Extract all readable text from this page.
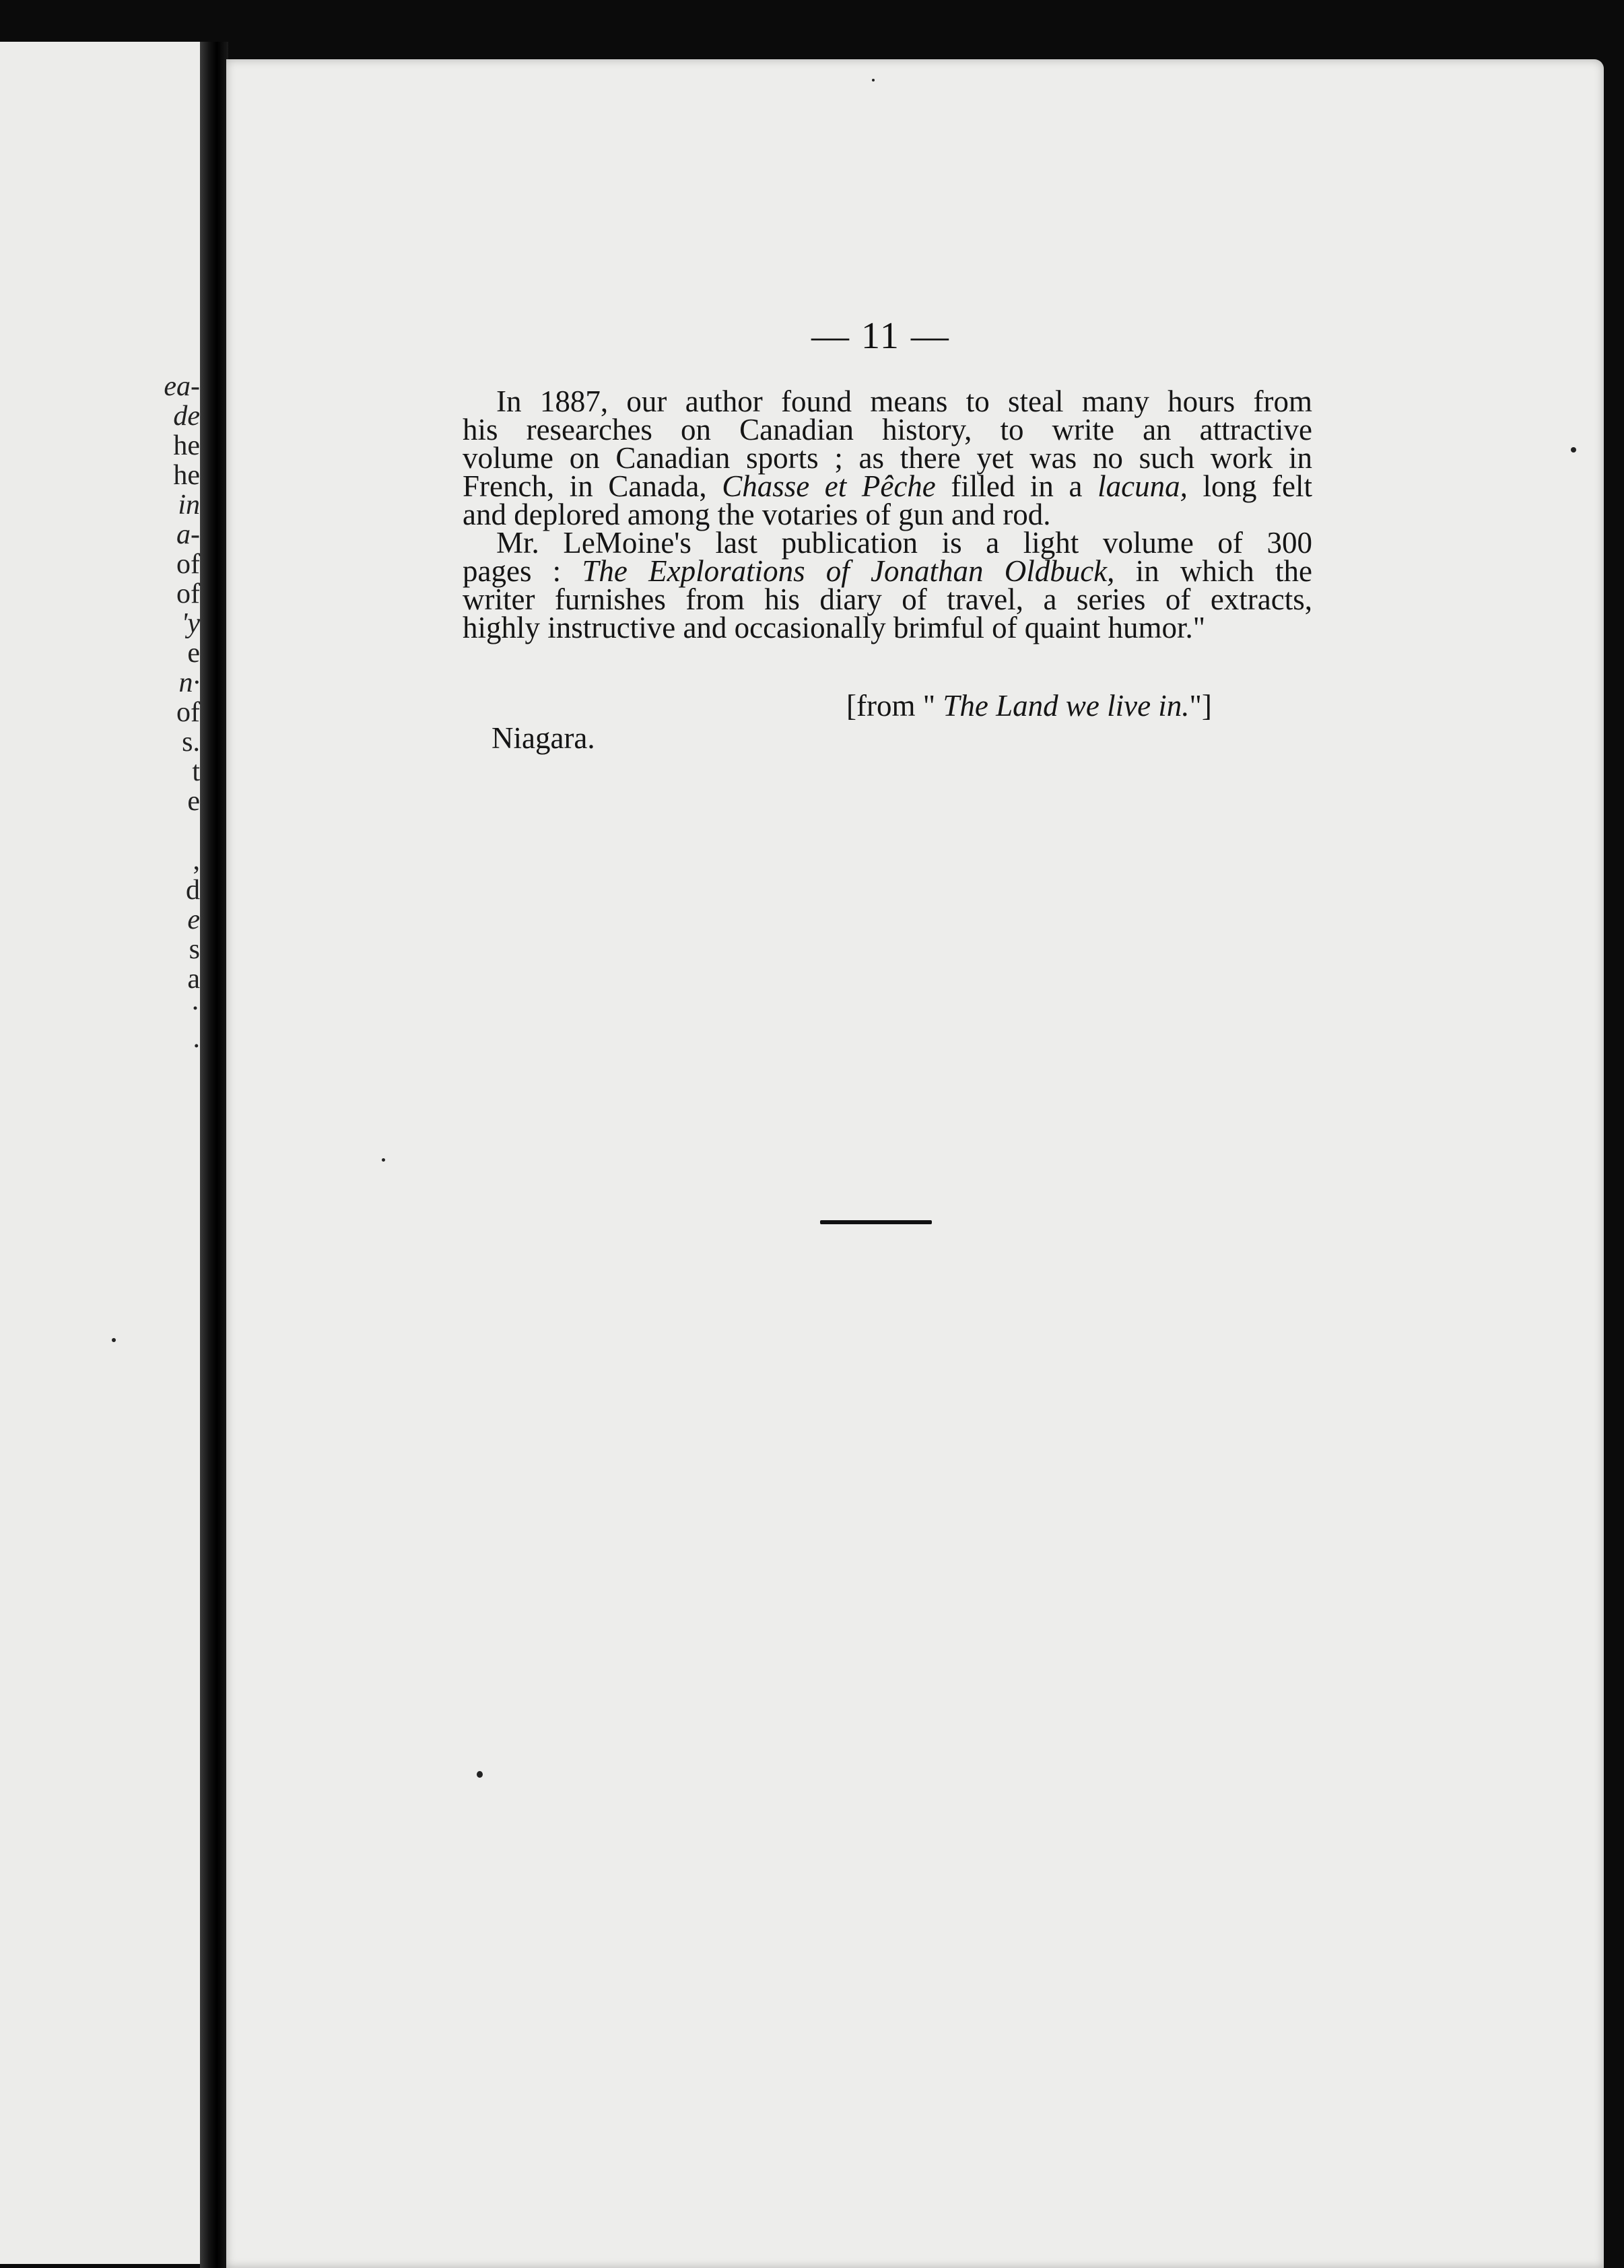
ea-
de
he
he
in
a-
of
of
'y
e
n·
of
s.
t
e
,
d
e
s
a
·
.
— 11 —

In 1887, our author found means to steal many hours from
his researches on Canadian history, to write an attractive
volume on Canadian sports ; as there yet was no such work in
French, in Canada, Chasse et Pêche filled in a lacuna, long felt
and deplored among the votaries of gun and rod.

Mr. LeMoine's last publication is a light volume of 300
pages : The Explorations of Jonathan Oldbuck, in which the
writer furnishes from his diary of travel, a series of extracts,
highly instructive and occasionally brimful of quaint humor."

[from " The Land we live in."]
Niagara.
